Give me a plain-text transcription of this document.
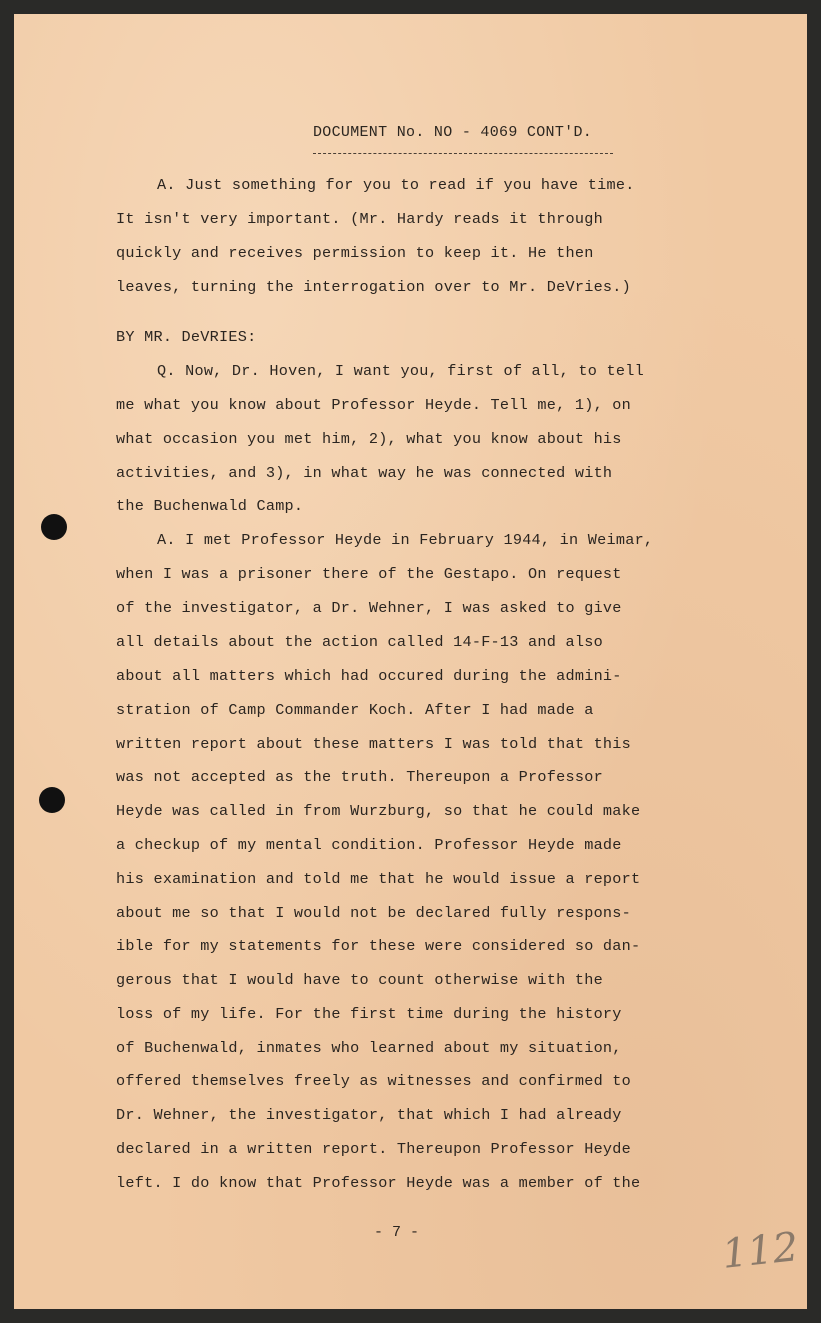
DOCUMENT No. NO - 4069 CONT'D.
A. Just something for you to read if you have time.
It isn't very important. (Mr. Hardy reads it through
quickly and receives permission to keep it. He then
leaves, turning the interrogation over to Mr. DeVries.)
BY MR. DeVRIES:
Q. Now, Dr. Hoven, I want you, first of all, to tell
me what you know about Professor Heyde. Tell me, 1), on
what occasion you met him, 2), what you know about his
activities, and 3), in what way he was connected with
the Buchenwald Camp.
A. I met Professor Heyde in February 1944, in Weimar,
when I was a prisoner there of the Gestapo. On request
of the investigator, a Dr. Wehner, I was asked to give
all details about the action called 14-F-13 and also
about all matters which had occured during the admini-
stration of Camp Commander Koch. After I had made a
written report about these matters I was told that this
was not accepted as the truth. Thereupon a Professor
Heyde was called in from Wurzburg, so that he could make
a checkup of my mental condition. Professor Heyde made
his examination and told me that he would issue a report
about me so that I would not be declared fully respons-
ible for my statements for these were considered so dan-
gerous that I would have to count otherwise with the
loss of my life. For the first time during the history
of Buchenwald, inmates who learned about my situation,
offered themselves freely as witnesses and confirmed to
Dr. Wehner, the investigator, that which I had already
declared in a written report. Thereupon Professor Heyde
left. I do know that Professor Heyde was a member of the
- 7 -	112
